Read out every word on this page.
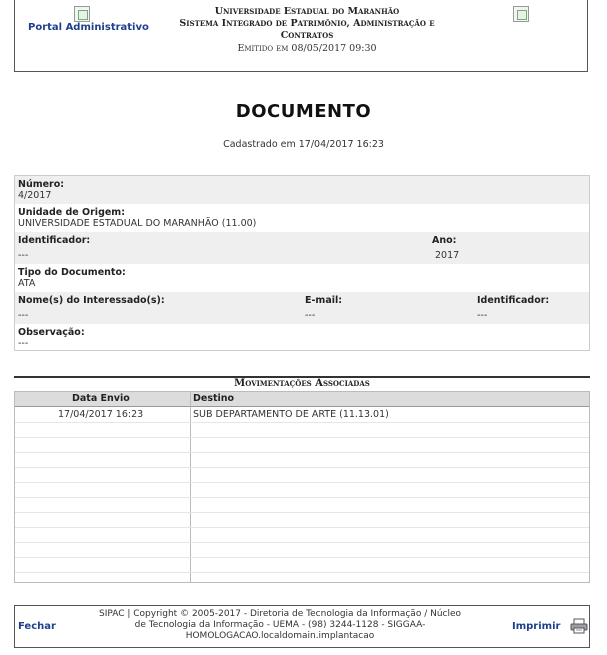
Portal Administrativo
Universidade Estadual do Maranhão
Sistema Integrado de Patrimônio, Administração e
Contratos
Emitido em 08/05/2017 09:30
DOCUMENTO
Cadastrado em 17/04/2017 16:23
Número:
4/2017
Unidade de Origem:
UNIVERSIDADE ESTADUAL DO MARANHÃO (11.00)
Identificador:
---
Ano:
2017
Tipo do Documento:
ATA
Nome(s) do Interessado(s):
---
E-mail:
---
Identificador:
---
Observação:
---
Movimentações Associadas
Data Envio	Destino
17/04/2017 16:23	SUB DEPARTAMENTO DE ARTE (11.13.01)
Fechar
SIPAC | Copyright © 2005-2017 - Diretoria de Tecnologia da Informação / Núcleo
de Tecnologia da Informação - UEMA - (98) 3244-1128 - SIGGAA-
HOMOLOGACAO.localdomain.implantacao
Imprimir
